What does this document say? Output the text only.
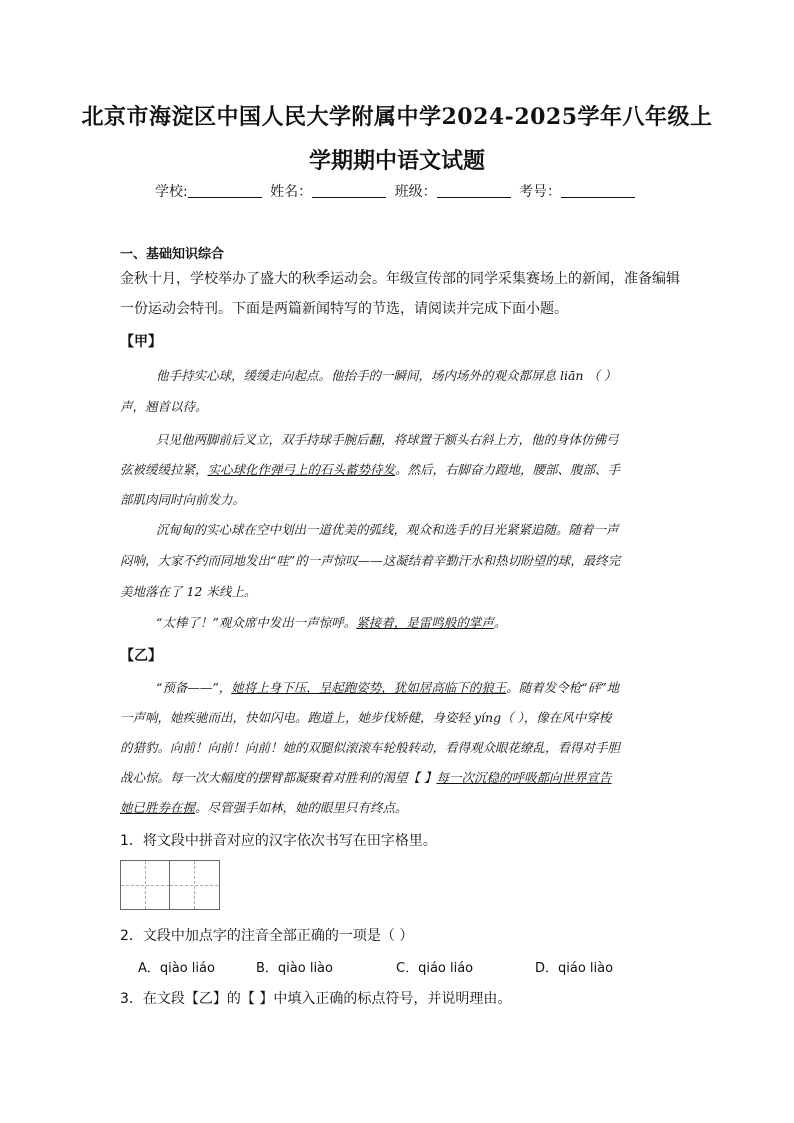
北京市海淀区中国人民大学附属中学2024-2025学年八年级上
学期期中语文试题
学校:	姓名：	班级：	考号：
一、基础知识综合
金秋十月，学校举办了盛大的秋季运动会。年级宣传部的同学采集赛场上的新闻，准备编辑
一份运动会特刊。下面是两篇新闻特写的节选，请阅读并完成下面小题。
【甲】
他手持实心球，缓缓走向起点。他抬手的一瞬间，场内场外的观众都屏息 liān （ ）
声，翘首以待。
只见他两脚前后叉立，双手持球手腕后翻，将球置于额头右斜上方，他的身体仿佛弓
弦被缓缓拉紧，实心球化作弹弓上的石头蓄势待发。然后，右脚奋力蹬地，腰部、腹部、手
部肌肉同时向前发力。
沉甸甸的实心球在空中划出一道优美的弧线，观众和选手的目光紧紧追随。随着一声
闷响，大家不约而同地发出“哇”的一声惊叹——这凝结着辛勤汗水和热切盼望的球，最终完
美地落在了 12 米线上。
“太棒了！”观众席中发出一声惊呼。紧接着，是雷鸣般的掌声。
【乙】
“预备——”，她将上身下压，呈起跑姿势，犹如居高临下的狼王。随着发令枪“砰”地
一声响，她疾驰而出，快如闪电。跑道上，她步伐矫健，身姿轻 yíng（ ），像在风中穿梭
的猎豹。向前！向前！向前！她的双腿似滚滚车轮般转动，看得观众眼花缭乱，看得对手胆
战心惊。每一次大幅度的摆臂都凝聚着对胜利的渴望【 】每一次沉稳的呼吸都向世界宣告
她已胜券在握。尽管强手如林，她的眼里只有终点。
1．将文段中拼音对应的汉字依次书写在田字格里。
2．文段中加点字的注音全部正确的一项是（ ）
A．qiào liáo	B．qiào liào	C．qiáo liáo	D．qiáo liào
3．在文段【乙】的【 】中填入正确的标点符号，并说明理由。
